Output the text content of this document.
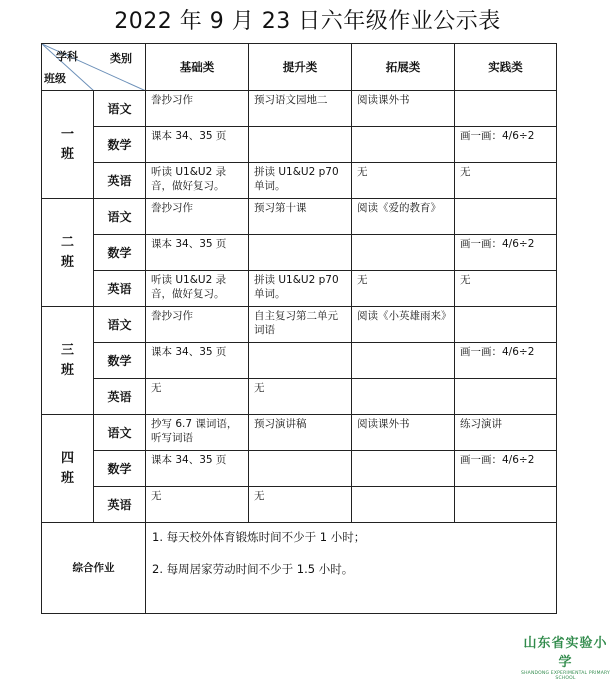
2022 年 9 月 23 日六年级作业公示表
学科 类别
班级		基础类	提升类	拓展类	实践类

一
班	语文	誊抄习作	预习语文园地二	阅读课外书	
	数学	课本 34、35 页			画一画：4/6÷2
	英语	听读 U1&U2 录音，做好复习。	拼读 U1&U2 p70 单词。	无	无

二
班	语文	誊抄习作	预习第十课	阅读《爱的教育》	
	数学	课本 34、35 页			画一画：4/6÷2
	英语	听读 U1&U2 录音，做好复习。	拼读 U1&U2 p70 单词。	无	无

三
班	语文	誊抄习作	自主复习第二单元词语	阅读《小英雄雨来》	
	数学	课本 34、35 页			画一画：4/6÷2
	英语	无	无		

四
班	语文	抄写 6.7 课词语，听写词语	预习演讲稿	阅读课外书	练习演讲
	数学	课本 34、35 页			画一画：4/6÷2
	英语	无	无		
综合作业		1. 每天校外体育锻炼时间不少于 1 小时；

2. 每周居家劳动时间不少于 1.5 小时。			

山东省实验小学
SHANDONG EXPERIMENTAL PRIMARY SCHOOL
